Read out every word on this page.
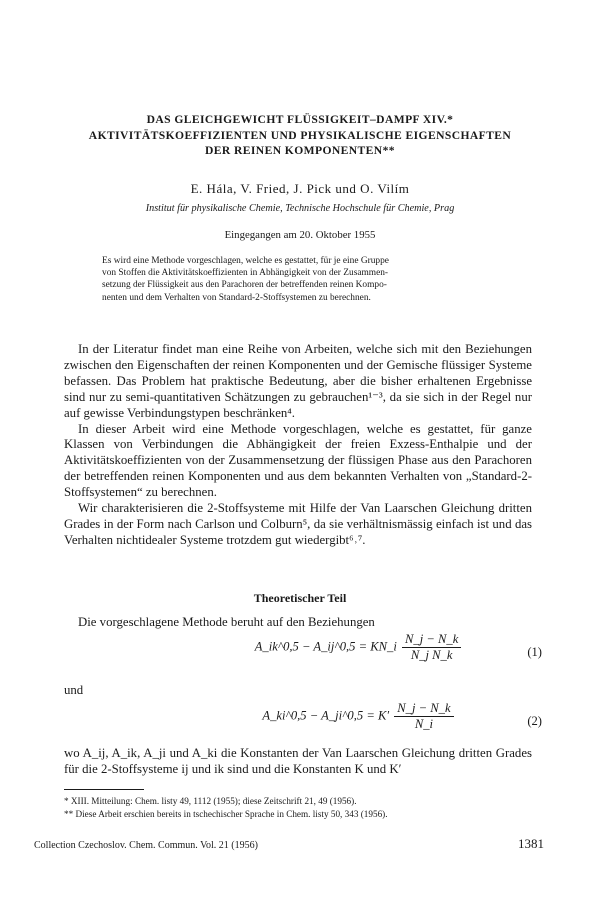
DAS GLEICHGEWICHT FLÜSSIGKEIT–DAMPF XIV.*
AKTIVITÄTSKOEFFIZIENTEN UND PHYSIKALISCHE EIGENSCHAFTEN
DER REINEN KOMPONENTEN**
E. Hála, V. Fried, J. Pick und O. Vilím
Institut für physikalische Chemie, Technische Hochschule für Chemie, Prag
Eingegangen am 20. Oktober 1955
Es wird eine Methode vorgeschlagen, welche es gestattet, für je eine Gruppe
von Stoffen die Aktivitätskoeffizienten in Abhängigkeit von der Zusammen-
setzung der Flüssigkeit aus den Parachoren der betreffenden reinen Kompo-
nenten und dem Verhalten von Standard-2-Stoffsystemen zu berechnen.

In der Literatur findet man eine Reihe von Arbeiten, welche sich mit den Beziehungen zwischen den Eigenschaften der reinen Komponenten und der Gemische flüssiger Systeme befassen. Das Problem hat praktische Bedeutung, aber die bisher erhaltenen Ergebnisse sind nur zu semi-quantitativen Schätzungen zu gebrauchen¹⁻³, da sie sich in der Regel nur auf gewisse Verbindungstypen beschränken⁴.

In dieser Arbeit wird eine Methode vorgeschlagen, welche es gestattet, für ganze Klassen von Verbindungen die Abhängigkeit der freien Exzess-Enthalpie und der Aktivitätskoeffizienten von der Zusammensetzung der flüssigen Phase aus den Parachoren der betreffenden reinen Komponenten und aus dem bekannten Verhalten von „Standard-2-Stoffsystemen“ zu berechnen.

Wir charakterisieren die 2-Stoffsysteme mit Hilfe der Van Laarschen Gleichung dritten Grades in der Form nach Carlson und Colburn⁵, da sie verhältnismässig einfach ist und das Verhalten nichtidealer Systeme trotzdem gut wiedergibt⁶˒⁷.

Theoretischer Teil

Die vorgeschlagene Methode beruht auf den Beziehungen

A_ik^0,5 − A_ij^0,5 = KN_i $\frac{N\_j - N\_k}{\text{N\_j N\_k}}$	(1)
und
A_ki^0,5 − A_ji^0,5 = $K' \frac{N\_j - N\_k}{N\_i}$	(2)

wo A_ij, A_ik, A_ji und A_ki die Konstanten der Van Laarschen Gleichung dritten Grades für die 2-Stoffsysteme ij und ik sind und die Konstanten K und K′

* XIII. Mitteilung: Chem. listy 49, 1112 (1955); diese Zeitschrift 21, 49 (1956).
** Diese Arbeit erschien bereits in tschechischer Sprache in Chem. listy 50, 343 (1956).
Collection Czechoslov. Chem. Commun. Vol. 21 (1956)	1381
